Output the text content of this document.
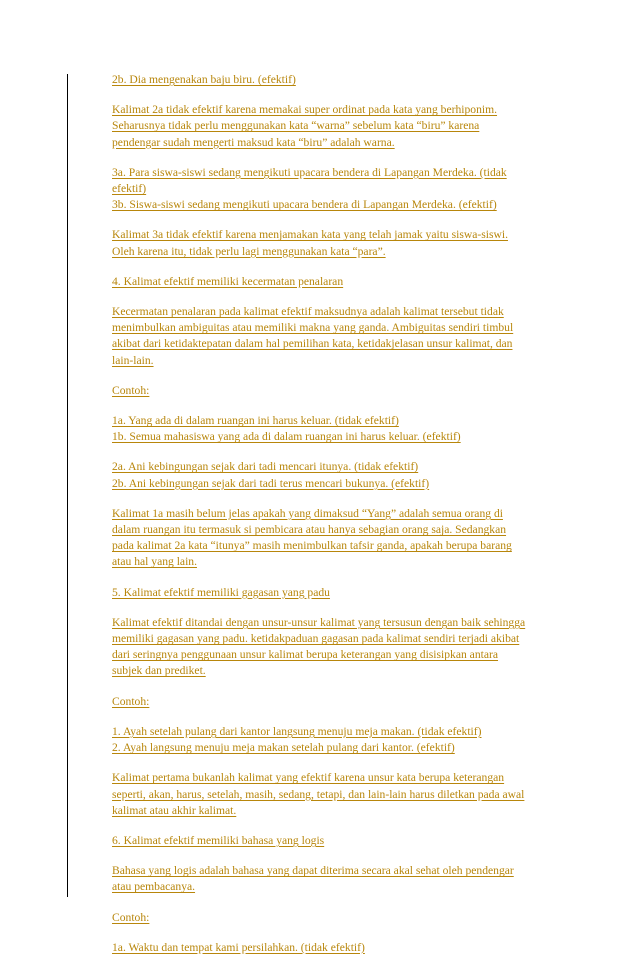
2b. Dia mengenakan baju biru. (efektif)
Kalimat 2a tidak efektif karena memakai super ordinat pada kata yang berhiponim.
Seharusnya tidak perlu menggunakan kata “warna” sebelum kata “biru” karena
pendengar sudah mengerti maksud kata “biru” adalah warna.
3a. Para siswa-siswi sedang mengikuti upacara bendera di Lapangan Merdeka. (tidak
efektif)
3b. Siswa-siswi sedang mengikuti upacara bendera di Lapangan Merdeka. (efektif)
Kalimat 3a tidak efektif karena menjamakan kata yang telah jamak yaitu siswa-siswi.
Oleh karena itu, tidak perlu lagi menggunakan kata “para”.
4. Kalimat efektif memiliki kecermatan penalaran
Kecermatan penalaran pada kalimat efektif maksudnya adalah kalimat tersebut tidak
menimbulkan ambiguitas atau memiliki makna yang ganda. Ambiguitas sendiri timbul
akibat dari ketidaktepatan dalam hal pemilihan kata, ketidakjelasan unsur kalimat, dan
lain-lain.
Contoh:
1a. Yang ada di dalam ruangan ini harus keluar. (tidak efektif)
1b. Semua mahasiswa yang ada di dalam ruangan ini harus keluar. (efektif)
2a. Ani kebingungan sejak dari tadi mencari itunya. (tidak efektif)
2b. Ani kebingungan sejak dari tadi terus mencari bukunya. (efektif)
Kalimat 1a masih belum jelas apakah yang dimaksud “Yang” adalah semua orang di
dalam ruangan itu termasuk si pembicara atau hanya sebagian orang saja. Sedangkan
pada kalimat 2a kata “itunya” masih menimbulkan tafsir ganda, apakah berupa barang
atau hal yang lain.
5. Kalimat efektif memiliki gagasan yang padu
Kalimat efektif ditandai dengan unsur-unsur kalimat yang tersusun dengan baik sehingga
memiliki gagasan yang padu. ketidakpaduan gagasan pada kalimat sendiri terjadi akibat
dari seringnya penggunaan unsur kalimat berupa keterangan yang disisipkan antara
subjek dan prediket.
Contoh:
1. Ayah setelah pulang dari kantor langsung menuju meja makan. (tidak efektif)
2. Ayah langsung menuju meja makan setelah pulang dari kantor. (efektif)
Kalimat pertama bukanlah kalimat yang efektif karena unsur kata berupa keterangan
seperti, akan, harus, setelah, masih, sedang, tetapi, dan lain-lain harus diletkan pada awal
kalimat atau akhir kalimat.
6. Kalimat efektif memiliki bahasa yang logis
Bahasa yang logis adalah bahasa yang dapat diterima secara akal sehat oleh pendengar
atau pembacanya.
Contoh:
1a. Waktu dan tempat kami persilahkan. (tidak efektif)
